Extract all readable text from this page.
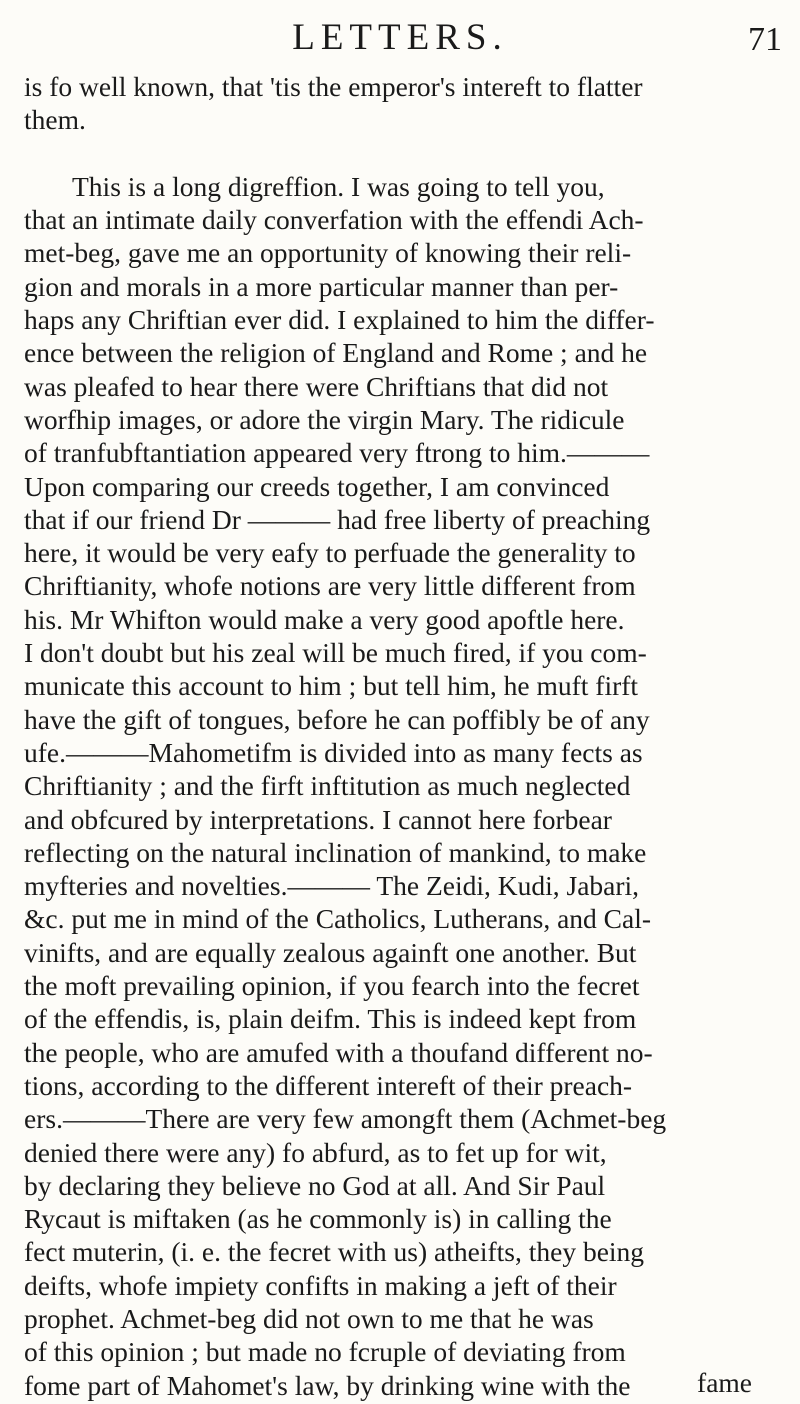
LETTERS.	71
is fo well known, that 'tis the emperor's intereft to flatter
them.
This is a long digreffion. I was going to tell you,
that an intimate daily converfation with the effendi Ach-
met-beg, gave me an opportunity of knowing their reli-
gion and morals in a more particular manner than per-
haps any Chriftian ever did. I explained to him the differ-
ence between the religion of England and Rome ; and he
was pleafed to hear there were Chriftians that did not
worfhip images, or adore the virgin Mary. The ridicule
of tranfubftantiation appeared very ftrong to him.———
Upon comparing our creeds together, I am convinced
that if our friend Dr ——— had free liberty of preaching
here, it would be very eafy to perfuade the generality to
Chriftianity, whofe notions are very little different from
his. Mr Whifton would make a very good apoftle here.
I don't doubt but his zeal will be much fired, if you com-
municate this account to him ; but tell him, he muft firft
have the gift of tongues, before he can poffibly be of any
ufe.———Mahometifm is divided into as many fects as
Chriftianity ; and the firft inftitution as much neglected
and obfcured by interpretations. I cannot here forbear
reflecting on the natural inclination of mankind, to make
myfteries and novelties.——— The Zeidi, Kudi, Jabari,
&c. put me in mind of the Catholics, Lutherans, and Cal-
vinifts, and are equally zealous againft one another. But
the moft prevailing opinion, if you fearch into the fecret
of the effendis, is, plain deifm. This is indeed kept from
the people, who are amufed with a thoufand different no-
tions, according to the different intereft of their preach-
ers.———There are very few amongft them (Achmet-beg
denied there were any) fo abfurd, as to fet up for wit,
by declaring they believe no God at all. And Sir Paul
Rycaut is miftaken (as he commonly is) in calling the
fect muterin, (i. e. the fecret with us) atheifts, they being
deifts, whofe impiety confifts in making a jeft of their
prophet. Achmet-beg did not own to me that he was
of this opinion ; but made no fcruple of deviating from
fome part of Mahomet's law, by drinking wine with the	fame
